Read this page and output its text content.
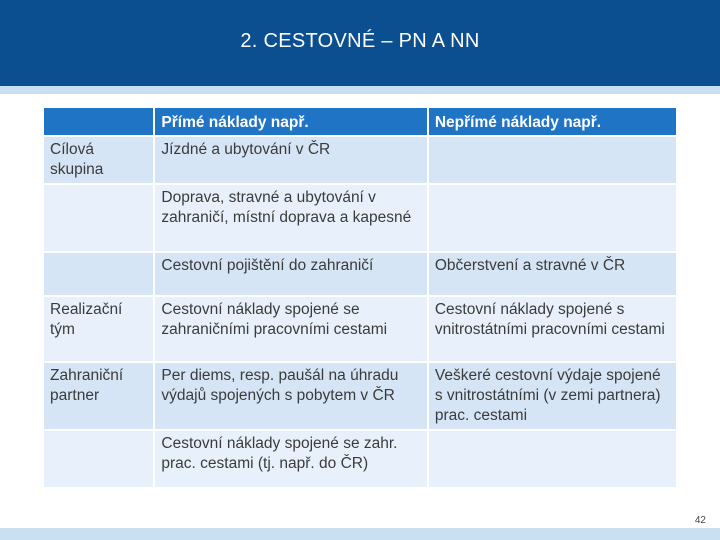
2. CESTOVNÉ – PN A NN
	Přímé náklady např.	Nepřímé náklady např.
Cílová skupina	Jízdné a ubytování v ČR	
	Doprava, stravné a ubytování v zahraničí, místní doprava a kapesné	
	Cestovní pojištění do zahraničí	Občerstvení a stravné v ČR
Realizační tým	Cestovní náklady spojené se zahraničními pracovními cestami	Cestovní náklady spojené s vnitrostátními pracovními cestami
Zahraniční partner	Per diems, resp. paušál na úhradu výdajů spojených s pobytem v ČR	Veškeré cestovní výdaje spojené s vnitrostátními (v zemi partnera) prac. cestami
	Cestovní náklady spojené se zahr. prac. cestami (tj. např. do ČR)	
42
